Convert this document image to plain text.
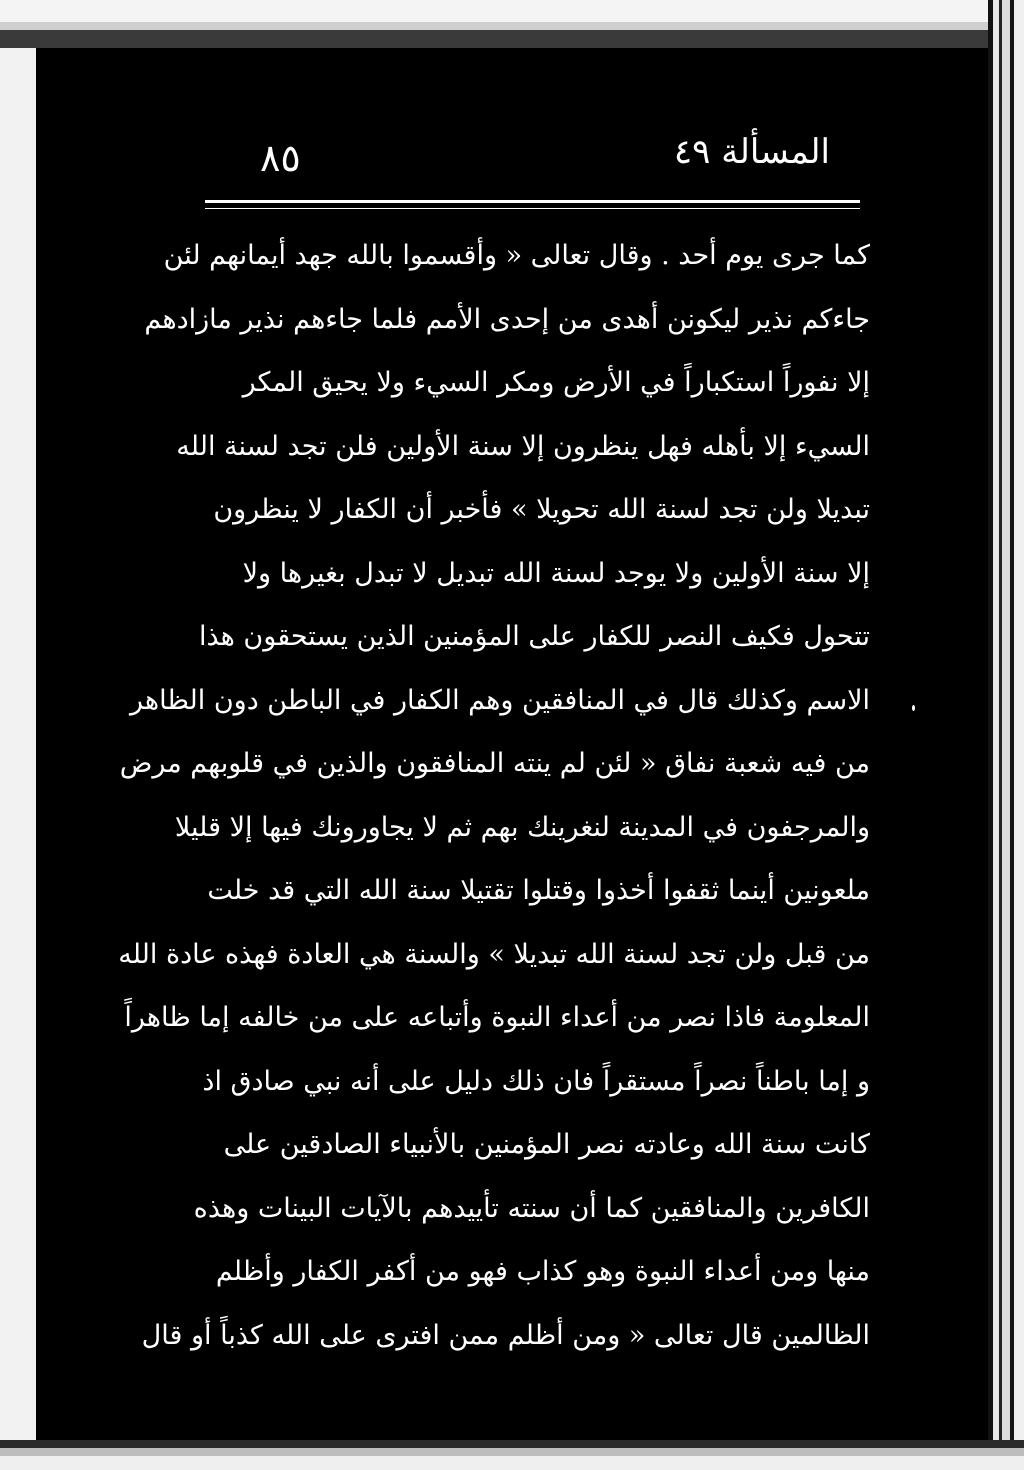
٨٥	المسألة ٤٩
كما جرى يوم أحد . وقال تعالى « وأقسموا بالله جهد أيمانهم لئن
جاءكم نذير ليكونن أهدى من إحدى الأمم فلما جاءهم نذير مازادهم
إلا نفوراً استكباراً في الأرض ومكر السيء ولا يحيق المكر
السيء إلا بأهله فهل ينظرون إلا سنة الأولين فلن تجد لسنة الله
تبديلا ولن تجد لسنة الله تحويلا » فأخبر أن الكفار لا ينظرون
إلا سنة الأولين ولا يوجد لسنة الله تبديل لا تبدل بغيرها ولا
تتحول فكيف النصر للكفار على المؤمنين الذين يستحقون هذا
الاسم وكذلك قال في المنافقين وهم الكفار في الباطن دون الظاهر
من فيه شعبة نفاق « لئن لم ينته المنافقون والذين في قلوبهم مرض
والمرجفون في المدينة لنغرينك بهم ثم لا يجاورونك فيها إلا قليلا
ملعونين أينما ثقفوا أخذوا وقتلوا تقتيلا سنة الله التي قد خلت
من قبل ولن تجد لسنة الله تبديلا » والسنة هي العادة فهذه عادة الله
المعلومة فاذا نصر من أعداء النبوة وأتباعه على من خالفه إما ظاهراً
و إما باطناً نصراً مستقراً فان ذلك دليل على أنه نبي صادق اذ
كانت سنة الله وعادته نصر المؤمنين بالأنبياء الصادقين على
الكافرين والمنافقين كما أن سنته تأييدهم بالآيات البينات وهذه
منها ومن أعداء النبوة وهو كذاب فهو من أكفر الكفار وأظلم
الظالمين قال تعالى « ومن أظلم ممن افترى على الله كذباً أو قال
